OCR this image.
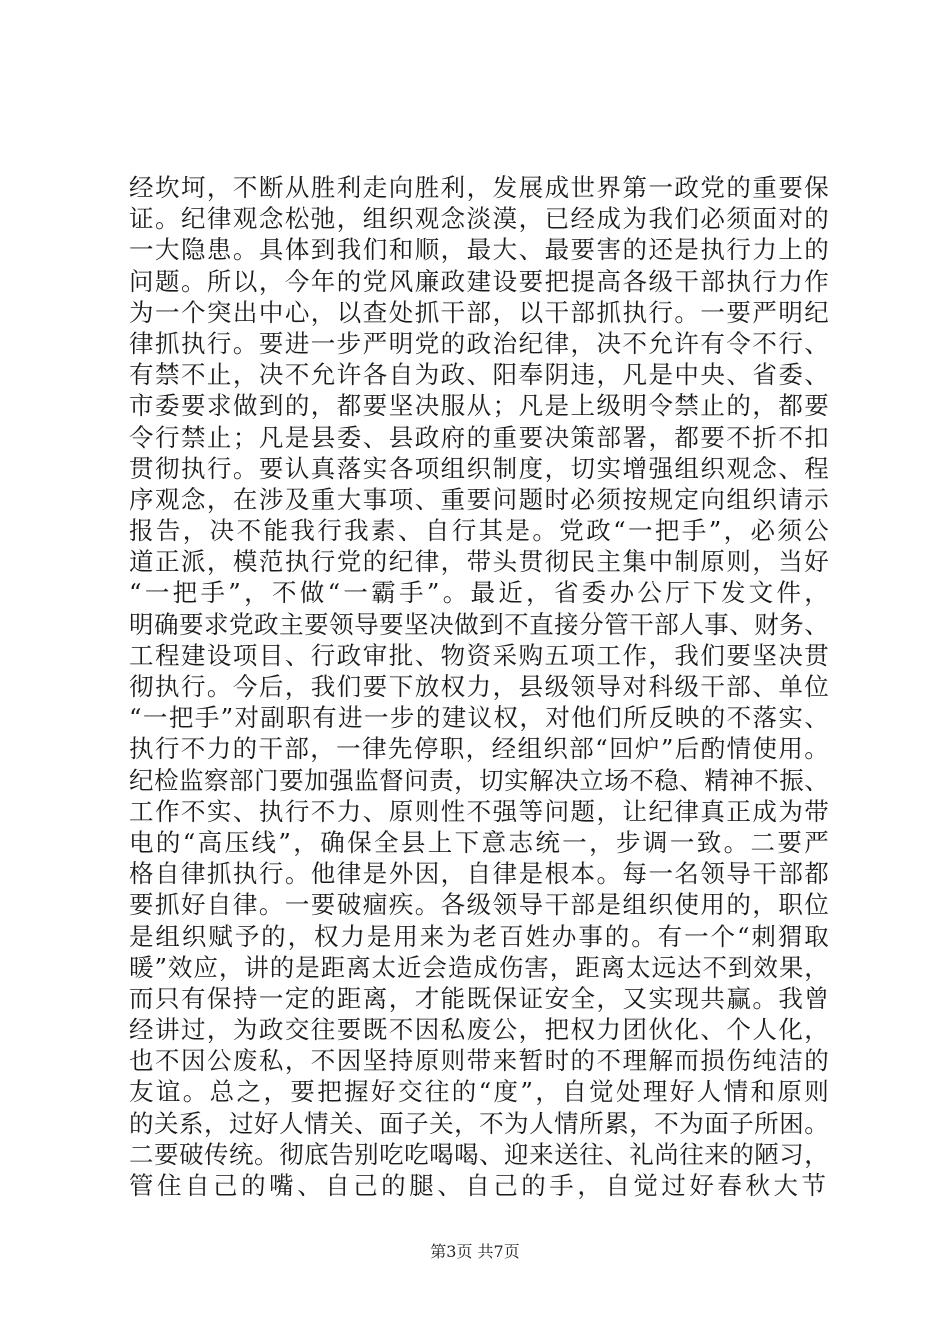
经坎坷，不断从胜利走向胜利，发展成世界第一政党的重要保
证。纪律观念松弛，组织观念淡漠，已经成为我们必须面对的
一大隐患。具体到我们和顺，最大、最要害的还是执行力上的
问题。所以，今年的党风廉政建设要把提高各级干部执行力作
为一个突出中心，以查处抓干部，以干部抓执行。一要严明纪
律抓执行。要进一步严明党的政治纪律，决不允许有令不行、
有禁不止，决不允许各自为政、阳奉阴违，凡是中央、省委、
市委要求做到的，都要坚决服从；凡是上级明令禁止的，都要
令行禁止；凡是县委、县政府的重要决策部署，都要不折不扣
贯彻执行。要认真落实各项组织制度，切实增强组织观念、程
序观念，在涉及重大事项、重要问题时必须按规定向组织请示
报告，决不能我行我素、自行其是。党政“一把手”，必须公
道正派，模范执行党的纪律，带头贯彻民主集中制原则，当好
“一把手”，不做“一霸手”。最近，省委办公厅下发文件，
明确要求党政主要领导要坚决做到不直接分管干部人事、财务、
工程建设项目、行政审批、物资采购五项工作，我们要坚决贯
彻执行。今后，我们要下放权力，县级领导对科级干部、单位
“一把手”对副职有进一步的建议权，对他们所反映的不落实、
执行不力的干部，一律先停职，经组织部“回炉”后酌情使用。
纪检监察部门要加强监督问责，切实解决立场不稳、精神不振、
工作不实、执行不力、原则性不强等问题，让纪律真正成为带
电的“高压线”，确保全县上下意志统一，步调一致。二要严
格自律抓执行。他律是外因，自律是根本。每一名领导干部都
要抓好自律。一要破痼疾。各级领导干部是组织使用的，职位
是组织赋予的，权力是用来为老百姓办事的。有一个“刺猬取
暖”效应，讲的是距离太近会造成伤害，距离太远达不到效果，
而只有保持一定的距离，才能既保证安全，又实现共赢。我曾
经讲过，为政交往要既不因私废公，把权力团伙化、个人化，
也不因公废私，不因坚持原则带来暂时的不理解而损伤纯洁的
友谊。总之，要把握好交往的“度”，自觉处理好人情和原则
的关系，过好人情关、面子关，不为人情所累，不为面子所困。
二要破传统。彻底告别吃吃喝喝、迎来送往、礼尚往来的陋习，
管住自己的嘴、自己的腿、自己的手，自觉过好春秋大节
第3页 共7页
